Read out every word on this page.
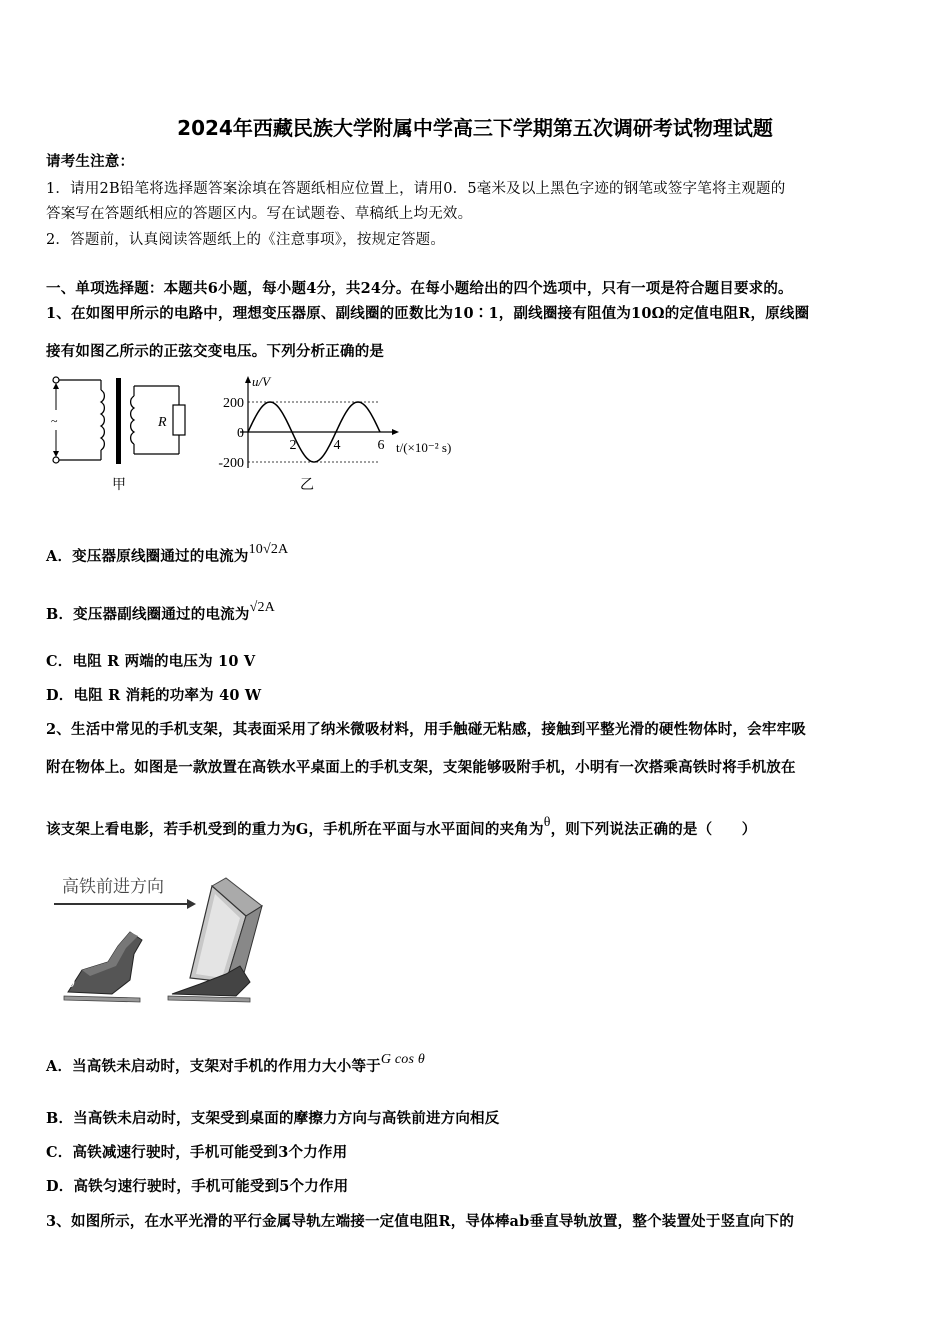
2024年西藏民族大学附属中学高三下学期第五次调研考试物理试题
请考生注意：
1．请用2B铅笔将选择题答案涂填在答题纸相应位置上，请用0．5毫米及以上黑色字迹的钢笔或签字笔将主观题的
答案写在答题纸相应的答题区内。写在试题卷、草稿纸上均无效。
2．答题前，认真阅读答题纸上的《注意事项》，按规定答题。
一、单项选择题：本题共6小题，每小题4分，共24分。在每小题给出的四个选项中，只有一项是符合题目要求的。
1、在如图甲所示的电路中，理想变压器原、副线圈的匝数比为10∶1，副线圈接有阻值为10Ω的定值电阻R，原线圈
接有如图乙所示的正弦交变电压。下列分析正确的是
~	R
甲
u/V
t/(×10⁻² s)
200
0
-200
2	4	6
乙
A．变压器原线圈通过的电流为10√2A
B．变压器副线圈通过的电流为√2A
C．电阻 R 两端的电压为 10 V
D．电阻 R 消耗的功率为 40 W
2、生活中常见的手机支架，其表面采用了纳米微吸材料，用手触碰无粘感，接触到平整光滑的硬性物体时，会牢牢吸
附在物体上。如图是一款放置在高铁水平桌面上的手机支架，支架能够吸附手机，小明有一次搭乘高铁时将手机放在
该支架上看电影，若手机受到的重力为G，手机所在平面与水平面间的夹角为θ，则下列说法正确的是（　　）
高铁前进方向
θ
A．当高铁未启动时，支架对手机的作用力大小等于G cos θ
B．当高铁未启动时，支架受到桌面的摩擦力方向与高铁前进方向相反
C．高铁减速行驶时，手机可能受到3个力作用
D．高铁匀速行驶时，手机可能受到5个力作用
3、如图所示，在水平光滑的平行金属导轨左端接一定值电阻R，导体棒ab垂直导轨放置，整个装置处于竖直向下的
